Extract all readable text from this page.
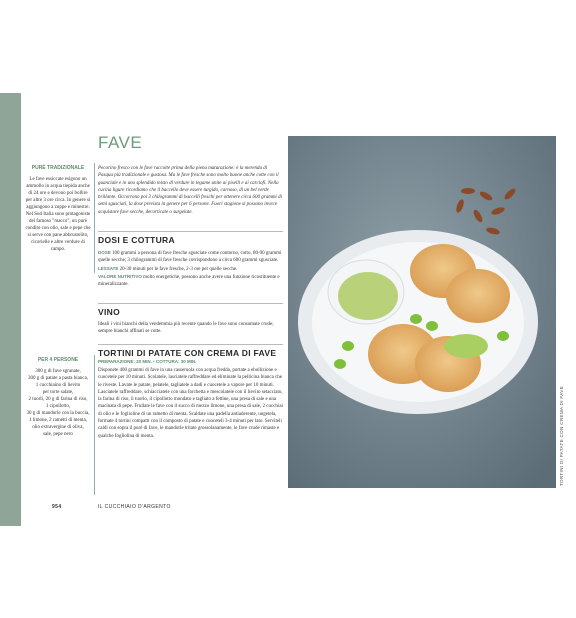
FAVE
PURÈ TRADIZIONALE
Le fave essiccate esigono un ammollo in acqua tiepida anche di 24 ore e devono poi bollire per altre 3 ore circa. In genere si aggiungono a zuppe e minestre. Nel Sud Italia sono protagoniste del famoso "macco", un purè condito con olio, sale e pepe che si serve con pane abbrustolito, cicorielle e altre verdure di campo.
Pecorino fresco con le fave raccolte prima della piena maturazione: è la merenda di Pasqua più tradizionale e gustosa. Ma le fave fresche sono molto buone anche cotte con il guanciale e in uno splendido misto di verdure in tegame unite ai piselli e ai carciofi. Nella cucina ligure ricordiamo che il baccello deve essere turgido, carnoso, di un bel verde brillante. Occorrono poi 3 chilogrammi di baccelli freschi per ottenere circa 600 grammi di semi sgusciati, la dose prevista in genere per 6 persone. Fuori stagione si possono invece acquistare fave secche, decorticate o surgelate.
DOSI E COTTURA
DOSE 100 grammi a persona di fave fresche sgusciate come contorno, cotto, 80-90 grammi quelle secche; 3 chilogrammi di fave fresche corrispondono a circa 600 grammi sgusciate.
LESSATE 20-30 minuti per le fave fresche, 2-3 ore per quelle secche.
VALORE NUTRITIVO molto energetiche, possono anche avere una funzione ricostituente e mineralizzante.
VINO
Ideali i vini bianchi della vendemmia più recente quando le fave sono consumate crude; sempre bianchi affinati se cotte.
TORTINI DI PATATE CON CREMA DI FAVE
PREPARAZIONE: 20 MIN. • COTTURA: 30 MIN.
PER 4 PERSONE
300 g di fave sgranate,
300 g di patate a pasta bianca,
1 cucchiaino di lievito
per torte salate,
2 tuorli, 20 g di farina di riso,
1 cipollotto,
30 g di mandorle con la buccia,
1 limone, 2 rametti di menta,
olio extravergine di oliva,
sale, pepe nero
Disponete 400 grammi di fave in una casseruola con acqua fredda, portate a ebollizione e cuocetele per 10 minuti. Scolatele, lasciatele raffreddare ed eliminate la pellicina bianca che le riveste. Lavate le patate, pelatele, tagliatele a dadi e cuocetele a vapore per 10 minuti. Lasciatele raffreddare, schiacciatele con una forchetta e mescolatele con il lievito setacciato, la farina di riso, il tuorlo, il cipollotto mondato e tagliato a fettine, una presa di sale e una macinata di pepe. Frullate le fave con il succo di mezzo limone, una presa di sale, 2 cucchiai di olio e le foglioline di un rametto di menta. Scaldate una padella antiaderente, ungetela, formate 4 tortini compatti con il composto di patate e cuoceteli 3-4 minuti per lato. Serviteli caldi con sopra il purè di fave, le mandorle tritate grossolanamente, le fave crude rimaste e qualche fogliolina di menta.
954	IL CUCCHIAIO D'ARGENTO
TORTINI DI PATATE CON CREMA DI FAVE
